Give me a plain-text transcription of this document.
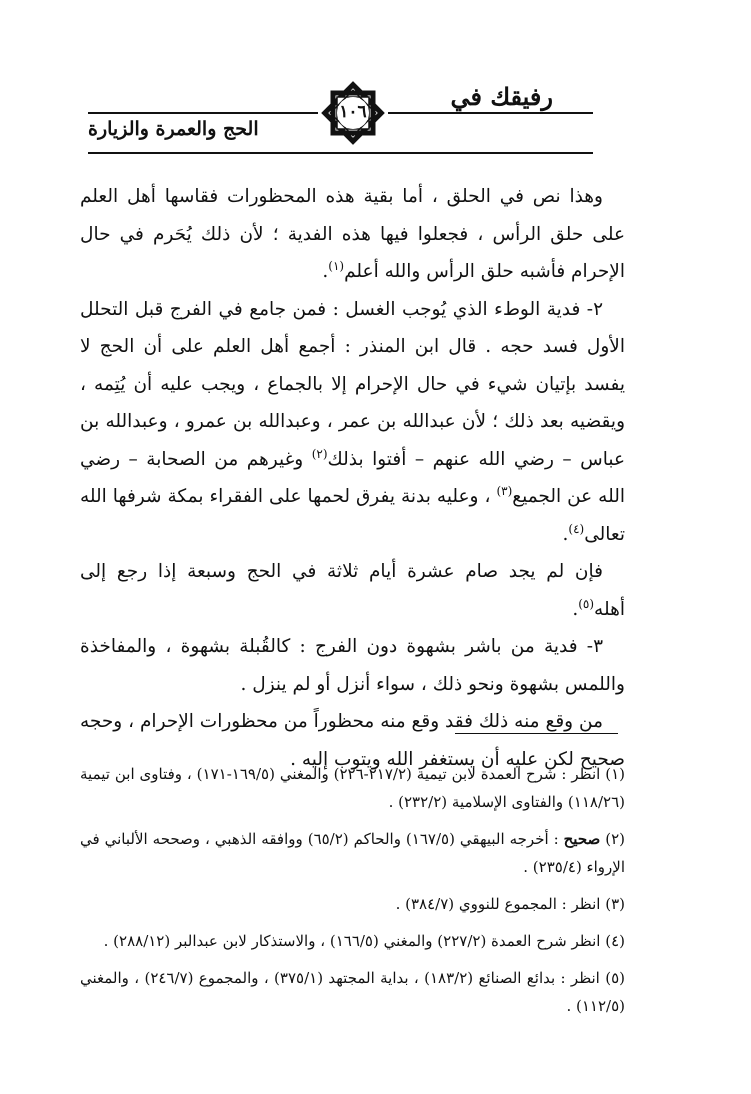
رفيقك في
الحج والعمرة والزيارة
١٠٦

وهذا نص في الحلق ، أما بقية هذه المحظورات فقاسها أهل العلم على حلق الرأس ، فجعلوا فيها هذه الفدية ؛ لأن ذلك يُحَرم في حال الإحرام فأشبه حلق الرأس والله أعلم$^{(١)}$.

٢- فدية الوطء الذي يُوجب الغسل : فمن جامع في الفرج قبل التحلل الأول فسد حجه . قال ابن المنذر : أجمع أهل العلم على أن الحج لا يفسد بإتيان شيء في حال الإحرام إلا بالجماع ، ويجب عليه أن يُتِمه ، ويقضيه بعد ذلك ؛ لأن عبدالله بن عمر ، وعبدالله بن عمرو ، وعبدالله بن عباس – رضي الله عنهم – أفتوا بذلك$^{(٢)}$ وغيرهم من الصحابة – رضي الله عن الجميع$^{(٣)}$ ، وعليه بدنة يفرق لحمها على الفقراء بمكة شرفها الله تعالى$^{(٤)}$.

فإن لم يجد صام عشرة أيام ثلاثة في الحج وسبعة إذا رجع إلى أهله$^{(٥)}$.

٣- فدية من باشر بشهوة دون الفرج : كالقُبلة بشهوة ، والمفاخذة واللمس بشهوة ونحو ذلك ، سواء أنزل أو لم ينزل .

من وقع منه ذلك فقد وقع منه محظوراً من محظورات الإحرام ، وحجه صحيح لكن عليه أن يستغفر الله ويتوب إليه .

(١) انظر : شرح العمدة لابن تيمية (٢١٧/٢-٢٢٦) والمغني (١٦٩/٥-١٧١) ، وفتاوى ابن تيمية (١١٨/٢٦) والفتاوى الإسلامية (٢٣٢/٢) .

(٢) صحيح : أخرجه البيهقي (١٦٧/٥) والحاكم (٦٥/٢) ووافقه الذهبي ، وصححه الألباني في الإرواء (٢٣٥/٤) .

(٣) انظر : المجموع للنووي (٣٨٤/٧) .

(٤) انظر شرح العمدة (٢٢٧/٢) والمغني (١٦٦/٥) ، والاستذكار لابن عبدالبر (٢٨٨/١٢) .

(٥) انظر : بدائع الصنائع (١٨٣/٢) ، بداية المجتهد (٣٧٥/١) ، والمجموع (٢٤٦/٧) ، والمغني (١١٢/٥) .
